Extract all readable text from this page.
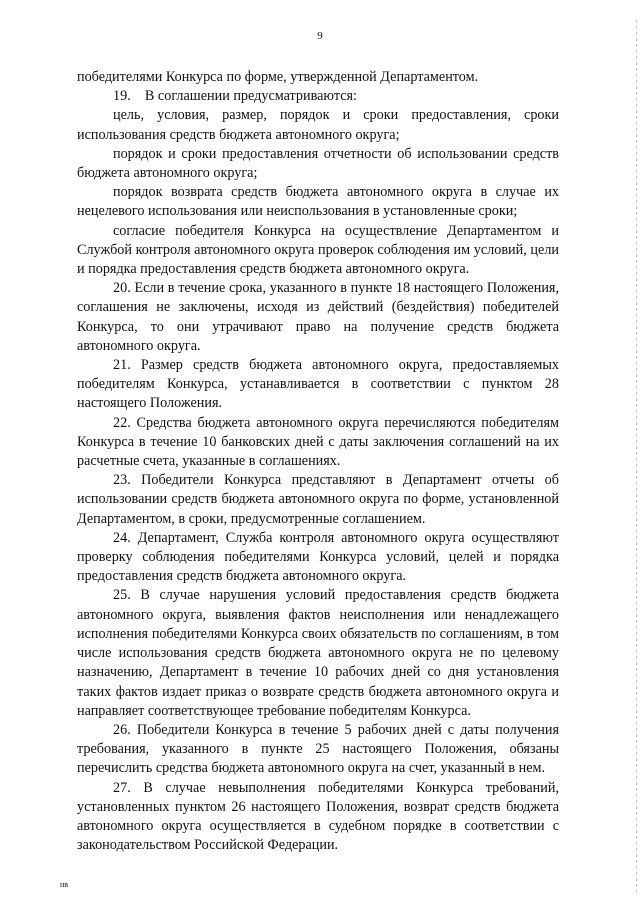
9

победителями Конкурса по форме, утвержденной Департаментом.

19.    В соглашении предусматриваются:

цель, условия, размер, порядок и сроки предоставления, сроки использования средств бюджета автономного округа;

порядок и сроки предоставления отчетности об использовании средств бюджета автономного округа;

порядок возврата средств бюджета автономного округа в случае их нецелевого использования или неиспользования в установленные сроки;

согласие победителя Конкурса на осуществление Департаментом и Службой контроля автономного округа проверок соблюдения им условий, цели и порядка предоставления средств бюджета автономного округа.

20. Если в течение срока, указанного в пункте 18 настоящего Положения, соглашения не заключены, исходя из действий (бездействия) победителей Конкурса, то они утрачивают право на получение средств бюджета автономного округа.

21. Размер средств бюджета автономного округа, предоставляемых победителям Конкурса, устанавливается в соответствии с пунктом 28 настоящего Положения.

22. Средства бюджета автономного округа перечисляются победителям Конкурса в течение 10 банковских дней с даты заключения соглашений на их расчетные счета, указанные в соглашениях.

23. Победители Конкурса представляют в Департамент отчеты об использовании средств бюджета автономного округа по форме, установленной Департаментом, в сроки, предусмотренные соглашением.

24. Департамент, Служба контроля автономного округа осуществляют проверку соблюдения победителями Конкурса условий, целей и порядка предоставления средств бюджета автономного округа.

25. В случае нарушения условий предоставления средств бюджета автономного округа, выявления фактов неисполнения или ненадлежащего исполнения победителями Конкурса своих обязательств по соглашениям, в том числе использования средств бюджета автономного округа не по целевому назначению, Департамент в течение 10 рабочих дней со дня установления таких фактов издает приказ о возврате средств бюджета автономного округа и направляет соответствующее требование победителям Конкурса.

26. Победители Конкурса в течение 5 рабочих дней с даты получения требования, указанного в пункте 25 настоящего Положения, обязаны перечислить средства бюджета автономного округа на счет, указанный в нем.

27. В случае невыполнения победителями Конкурса требований, установленных пунктом 26 настоящего Положения, возврат средств бюджета автономного округа осуществляется в судебном порядке в соответствии с законодательством Российской Федерации.

нв
